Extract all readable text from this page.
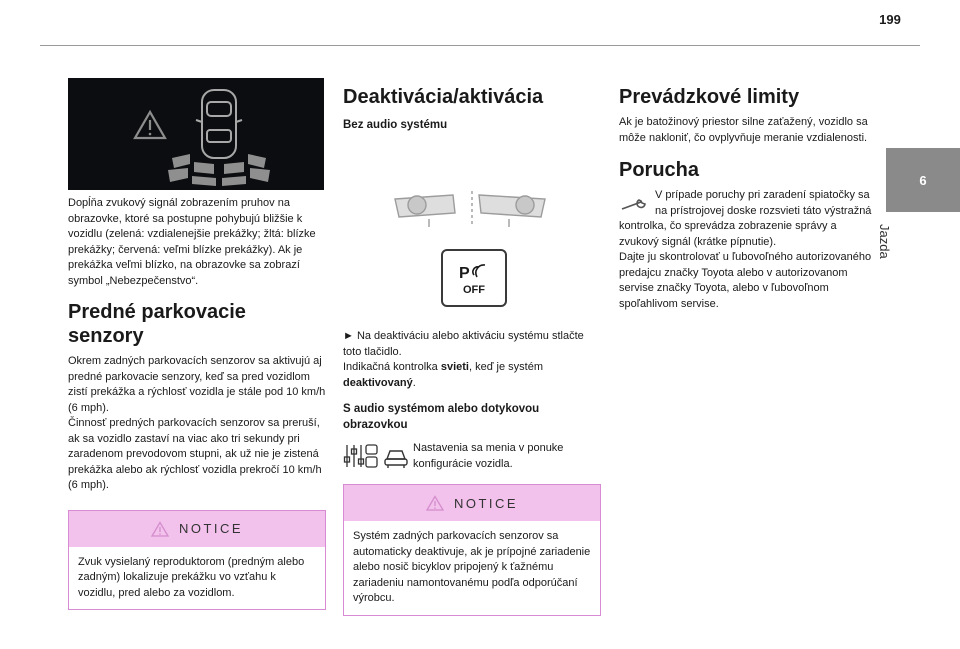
199
6
Jazda

Dopĺňa zvukový signál zobrazením pruhov na obrazovke, ktoré sa postupne pohybujú bližšie k vozidlu (zelená: vzdialenejšie prekážky; žltá: blízke prekážky; červená: veľmi blízke prekážky). Ak je prekážka veľmi blízko, na obrazovke sa zobrazí symbol „Nebezpečenstvo“.

Predné parkovacie senzory

Okrem zadných parkovacích senzorov sa aktivujú aj predné parkovacie senzory, keď sa pred vozidlom zistí prekážka a rýchlosť vozidla je stále pod 10 km/h (6 mph).

Činnosť predných parkovacích senzorov sa preruší, ak sa vozidlo zastaví na viac ako tri sekundy pri zaradenom prevodovom stupni, ak už nie je zistená prekážka alebo ak rýchlosť vozidla prekročí 10 km/h (6 mph).

NOTICE

Zvuk vysielaný reproduktorom (predným alebo zadným) lokalizuje prekážku vo vzťahu k vozidlu, pred alebo za vozidlom.

Deaktivácia/aktivácia
Bez audio systému
P
OFF

► Na deaktiváciu alebo aktiváciu systému stlačte toto tlačidlo.

Indikačná kontrolka svieti, keď je systém deaktivovaný.

S audio systémom alebo dotykovou obrazovkou

Nastavenia sa menia v ponuke konfigurácie vozidla.

NOTICE

Systém zadných parkovacích senzorov sa automaticky deaktivuje, ak je prípojné zariadenie alebo nosič bicyklov pripojený k ťažnému zariadeniu namontovanému podľa odporúčaní výrobcu.

Prevádzkové limity

Ak je batožinový priestor silne zaťažený, vozidlo sa môže nakloniť, čo ovplyvňuje meranie vzdialenosti.

Porucha

V prípade poruchy pri zaradení spiatočky sa na prístrojovej doske rozsvieti táto výstražná kontrolka, čo sprevádza zobrazenie správy a zvukový signál (krátke pípnutie).

Dajte ju skontrolovať u ľubovoľného autorizovaného predajcu značky Toyota alebo v autorizovanom servise značky Toyota, alebo v ľubovoľnom spoľahlivom servise.
